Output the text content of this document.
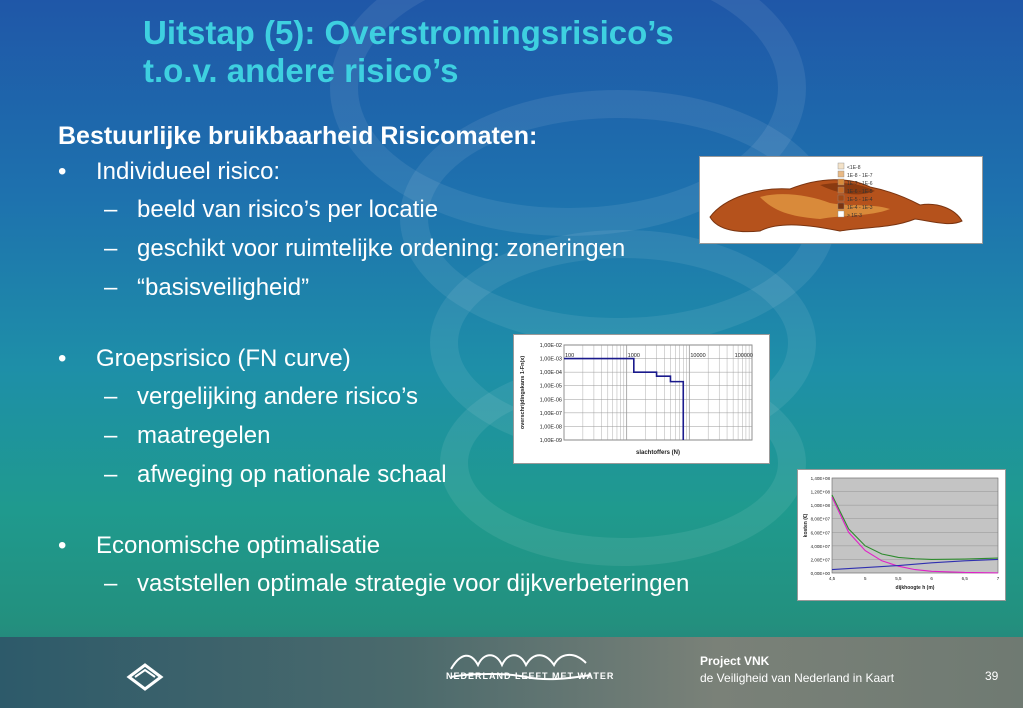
Uitstap (5): Overstromingsrisico’s
t.o.v. andere risico’s

Bestuurlijke bruikbaarheid Risicomaten:

• Individueel risico:
– beeld van risico’s per locatie
– geschikt voor ruimtelijke ordening: zoneringen
– “basisveiligheid”
• Groepsrisico (FN curve)
– vergelijking andere risico’s
– maatregelen
– afweging op nationale schaal
• Economische optimalisatie
– vaststellen optimale strategie voor dijkverbeteringen
<1E-8
1E-8 - 1E-7
1E-7 - 1E-6
1E-6 - 1E-5
1E-5 - 1E-4
1E-4 - 1E-3
> 1E-3
1,00E-02
1,00E-03
1,00E-04
1,00E-05
1,00E-06
1,00E-07
1,00E-08
1,00E-09
100	1000	10000	100000
slachtoffers (N)
overschrijdingskans 1-Fn(x)
1,40E+08
1,20E+08
1,00E+08
8,00E+07
6,00E+07
4,00E+07
2,00E+07
0,00E+00
4,5	5	5,5	6	6,5	7
dijkhoogte h (m)
kosten (€)
NEDERLAND LEEFT MET WATER
Project VNK
de Veiligheid van Nederland in Kaart	39
